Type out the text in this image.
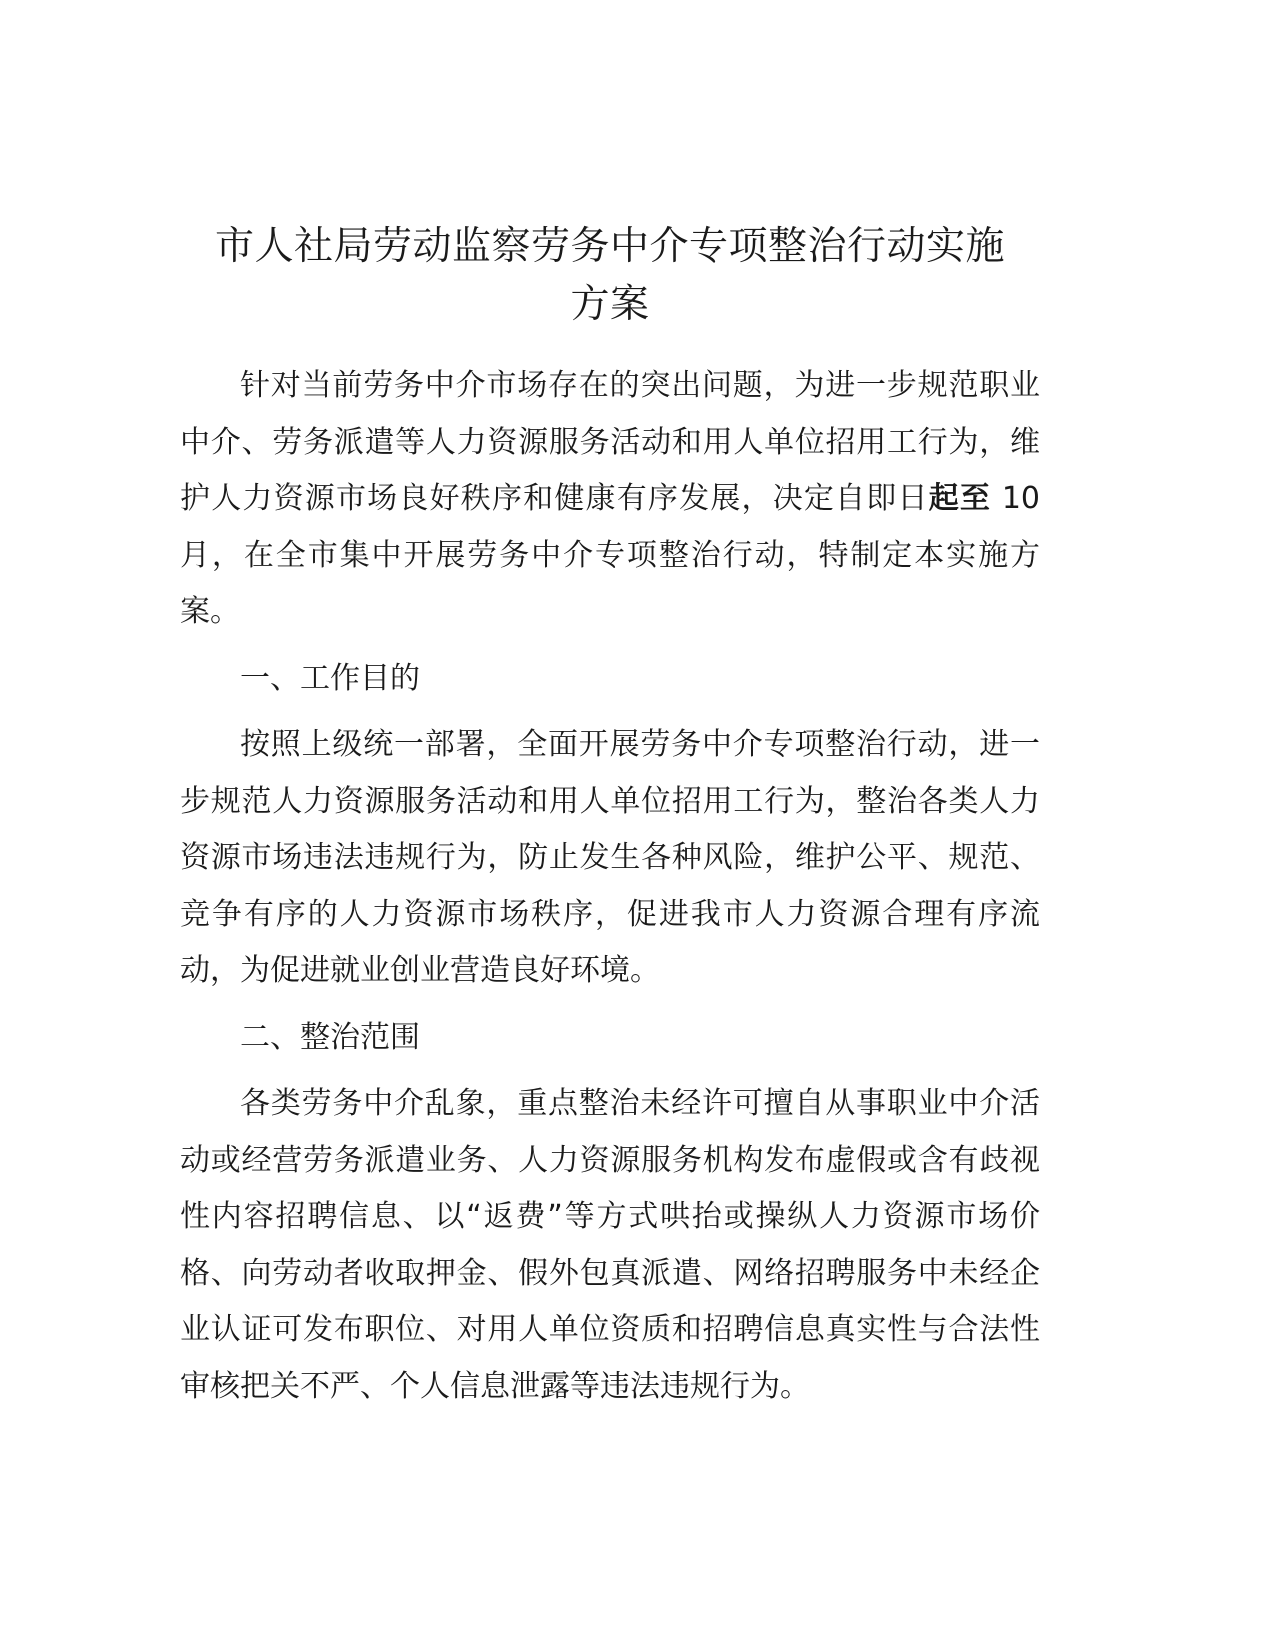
市人社局劳动监察劳务中介专项整治行动实施
方案

针对当前劳务中介市场存在的突出问题，为进一步规范职业中介、劳务派遣等人力资源服务活动和用人单位招用工行为，维护人力资源市场良好秩序和健康有序发展，决定自即日起至 10 月，在全市集中开展劳务中介专项整治行动，特制定本实施方案。

一、工作目的

按照上级统一部署，全面开展劳务中介专项整治行动，进一步规范人力资源服务活动和用人单位招用工行为，整治各类人力资源市场违法违规行为，防止发生各种风险，维护公平、规范、竞争有序的人力资源市场秩序，促进我市人力资源合理有序流动，为促进就业创业营造良好环境。

二、整治范围

各类劳务中介乱象，重点整治未经许可擅自从事职业中介活动或经营劳务派遣业务、人力资源服务机构发布虚假或含有歧视性内容招聘信息、以“返费”等方式哄抬或操纵人力资源市场价格、向劳动者收取押金、假外包真派遣、网络招聘服务中未经企业认证可发布职位、对用人单位资质和招聘信息真实性与合法性审核把关不严、个人信息泄露等违法违规行为。
